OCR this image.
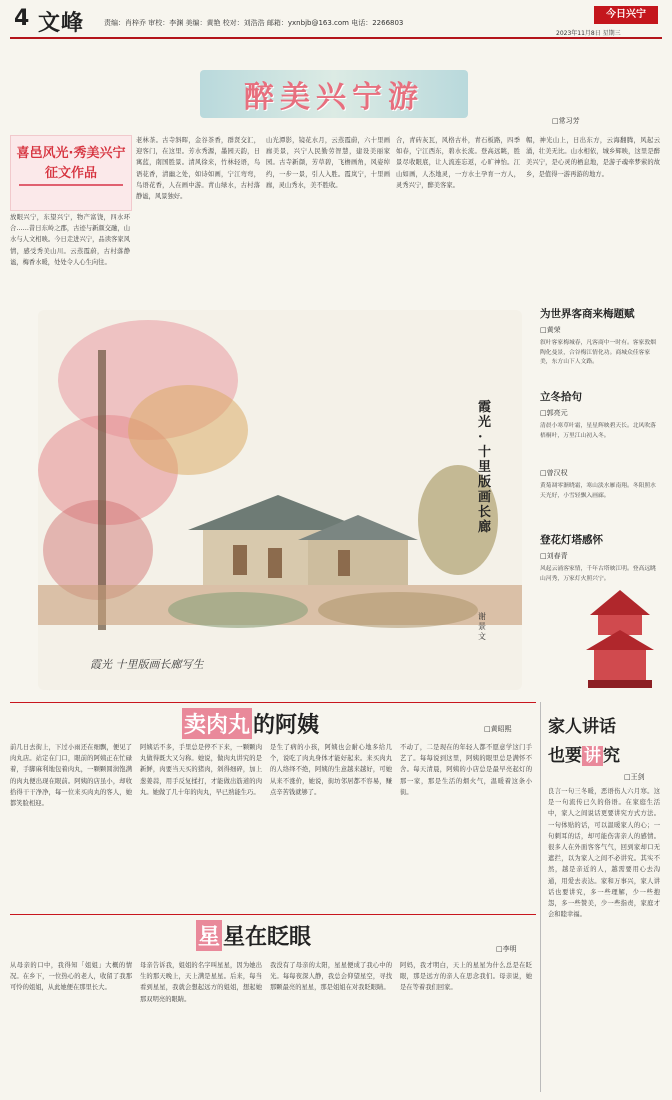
4 文峰	责编：肖梓乔 审校：李渊 美编：黄艳 校对：刘浩浩 邮箱：yxnbjb@163.com 电话：2266803
今日兴宁
2023年11月8日 星期三
醉美兴宁游
□常习芳
喜邑风光·秀美兴宁
征文作品
放眼兴宁，东望兴宁，物产富饶，四水环合……昔日东岭之郡，古迹与新颜交融，山水与人文相映。今日走进兴宁，品读客家风情，感受秀美山川。云蒸霞蔚，古村落静谧，梅香水暖，处处令人心生向往。
老林茶。古寺斜晖，金谷茶香，群贤交汇，迎客门，在这里。芳水秀源，墨园天韵，日寓蓝，南国胜景。清风徐来，竹林轻语，鸟语花香，清幽之处，如诗如画，宁江弯弯，鸟语花香，人在画中游。青山绿水，古村落静谧，风景独好。
山光潭影，镜花水月，云蒸霞蔚，六十里画廊美景，兴宁人民勤劳智慧，建设美丽家园。古寺新颜，芳草碧，飞檐画角，风姿绰约，一步一景，引人入胜。霞岚宁，十里画廊，灵山秀水，美不胜收。
合，青砖灰瓦，风格古朴，青石板路，四季如春，宁江西东，碧水长流。登高远眺，胜景尽收眼底，让人流连忘返，心旷神怡。江山如画，人杰地灵，一方水土孕育一方人，灵秀兴宁，醉美客家。
帽，神光山上，日出东方，云海翻腾，风起云涌，壮美无比。山水相依，城乡辉映，这里是醉美兴宁，是心灵的栖息地，是游子魂牵梦萦的故乡，是值得一游再游的地方。
霞光 十里版画长廊写生
霞光·十里版画长廊
谢景文
为世界客商来梅题赋
□黄荣
叙叶客家梅城春，凡客商中一时有。客家敦烟陶化曼景，合谷梅江情化功。商城众佳客家美，东方山下人文路。
立冬拾句
□郭亮元
清晨小寒草叶霜，星星辉映碧天长。北风吹落梧桐叶，万里江山初入冬。
□曾汉权
黄菊凋零渐晓霜，寒山淡水雁南翔。冬阳照水天光好，小雪轻飘入画廊。
登花灯塔感怀
□刘春青
风起云涌客家情，千年古塔映江明。登高远眺山河秀，万家灯火照兴宁。
卖肉丸 的阿姨	□黄昭熙
前几日去街上，下过小雨还在细飘，便见了肉丸店。站定在门口，眼前的阿姨正在忙碌着，手脚麻利地包着肉丸，一颗颗圆润饱满的肉丸便出现在眼前。阿姨的店虽小，却收拾得干干净净，每一位来买肉丸的客人，她都笑脸相迎。
阿姨话不多，手里总是停不下来，一颗颗肉丸做得既大又匀称。她说，做肉丸讲究的是新鲜，肉要当天买的猪肉，剁得细碎，加上葱姜蒜，用手反复揉打，才能做出筋道的肉丸。她做了几十年的肉丸，早已熟能生巧。
是生了病的小孩，阿姨也会耐心地多给几个，说吃了肉丸身体才能好起来。来买肉丸的人络绎不绝，阿姨的生意越来越好，可她从来不涨价，她说，街坊邻居都不容易，赚点辛苦钱就够了。
不动了，二是现在的年轻人都不愿意学这门手艺了。每每说到这里，阿姨的眼里总是满怀不舍。每天清晨，阿姨的小店总是最早亮起灯的那一家，那是生活的烟火气，温暖着这条小街。
星 星在眨眼	□李明
从母亲的口中，我得知「姐姐」大概的情况。在乡下，一位热心的老人，收留了我那可怜的姐姐，从此她便在那里长大。
母亲告诉我，姐姐的名字叫星星，因为她出生的那天晚上，天上满是星星。后来，每当看到星星，我就会想起远方的姐姐，想起她那双明亮的眼睛。
我没有了母亲的太阳，星星便成了我心中的光。每每夜深人静，我总会仰望星空，寻找那颗最亮的星星，那是姐姐在对我眨眼睛。
阿妈，我才明白，天上的星星为什么总是在眨眼，那是远方的亲人在思念我们。母亲说，她是在等着我们回家。
家人讲话
也要 讲 究
□王剑
良言一句三冬暖，恶语伤人六月寒。这是一句流传已久的俗语。在家庭生活中，家人之间说话更要讲究方式方法。一句体贴的话，可以温暖家人的心；一句刺耳的话，却可能伤害亲人的感情。很多人在外面客客气气，回到家却口无遮拦，以为家人之间不必讲究。其实不然，越是亲近的人，越需要用心去沟通，用爱去表达。家和万事兴，家人讲话也要讲究，多一些理解，少一些抱怨，多一些赞美，少一些指责，家庭才会和睦幸福。
